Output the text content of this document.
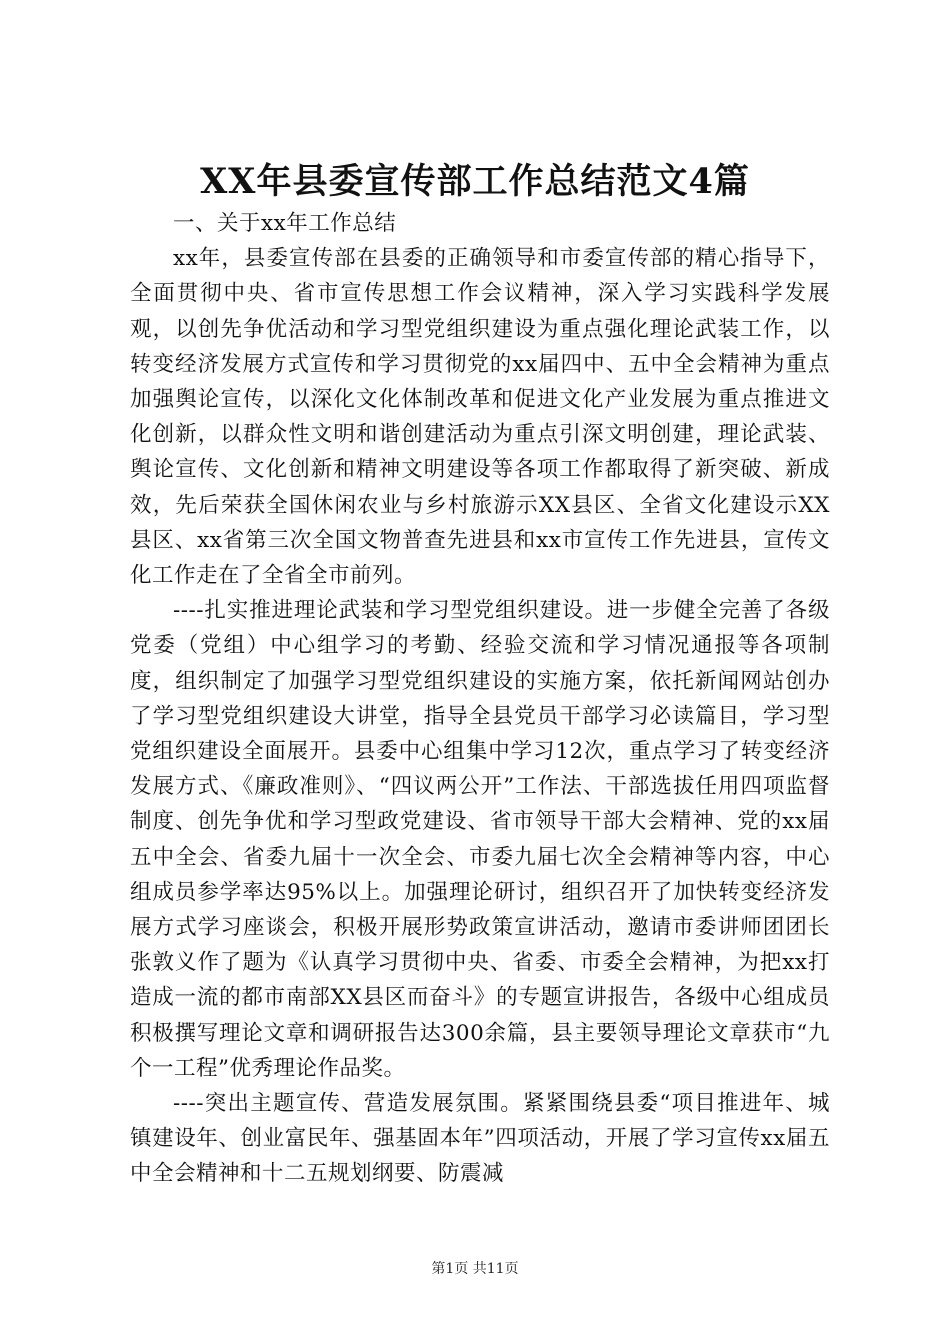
XX年县委宣传部工作总结范文4篇

一、关于xx年工作总结

xx年，县委宣传部在县委的正确领导和市委宣传部的精心指导下，全面贯彻中央、省市宣传思想工作会议精神，深入学习实践科学发展观，以创先争优活动和学习型党组织建设为重点强化理论武装工作，以转变经济发展方式宣传和学习贯彻党的xx届四中、五中全会精神为重点加强舆论宣传，以深化文化体制改革和促进文化产业发展为重点推进文化创新，以群众性文明和谐创建活动为重点引深文明创建，理论武装、舆论宣传、文化创新和精神文明建设等各项工作都取得了新突破、新成效，先后荣获全国休闲农业与乡村旅游示XX县区、全省文化建设示XX县区、xx省第三次全国文物普查先进县和xx市宣传工作先进县，宣传文化工作走在了全省全市前列。

----扎实推进理论武装和学习型党组织建设。进一步健全完善了各级党委（党组）中心组学习的考勤、经验交流和学习情况通报等各项制度，组织制定了加强学习型党组织建设的实施方案，依托新闻网站创办了学习型党组织建设大讲堂，指导全县党员干部学习必读篇目，学习型党组织建设全面展开。县委中心组集中学习12次，重点学习了转变经济发展方式、《廉政准则》、“四议两公开”工作法、干部选拔任用四项监督制度、创先争优和学习型政党建设、省市领导干部大会精神、党的xx届五中全会、省委九届十一次全会、市委九届七次全会精神等内容，中心组成员参学率达95%以上。加强理论研讨，组织召开了加快转变经济发展方式学习座谈会，积极开展形势政策宣讲活动，邀请市委讲师团团长张敦义作了题为《认真学习贯彻中央、省委、市委全会精神，为把xx打造成一流的都市南部XX县区而奋斗》的专题宣讲报告，各级中心组成员积极撰写理论文章和调研报告达300余篇，县主要领导理论文章获市“九个一工程”优秀理论作品奖。

----突出主题宣传、营造发展氛围。紧紧围绕县委“项目推进年、城镇建设年、创业富民年、强基固本年”四项活动，开展了学习宣传xx届五中全会精神和十二五规划纲要、防震减

第1页 共11页
